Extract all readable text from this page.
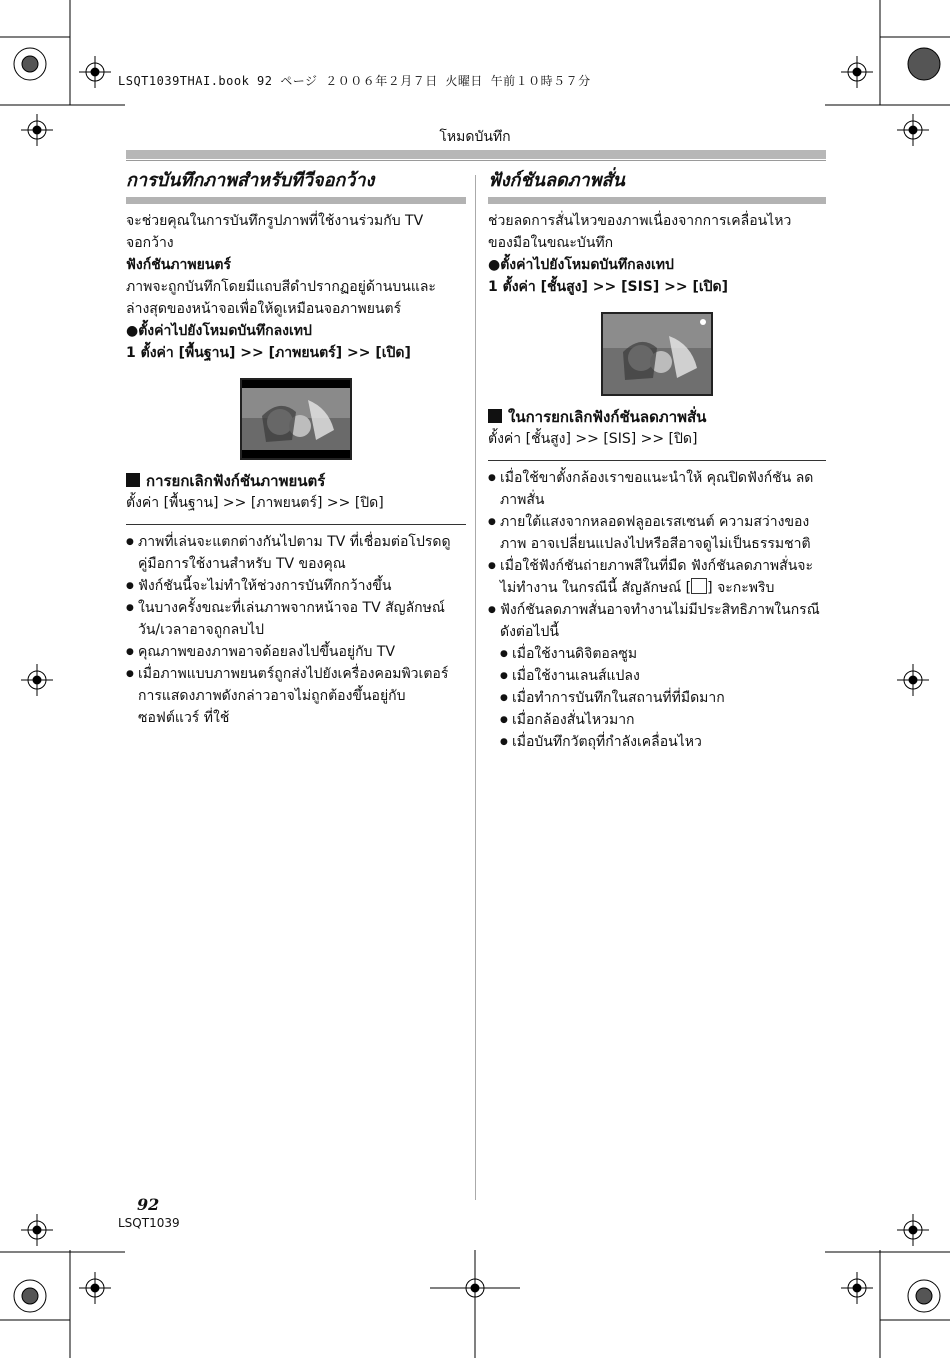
LSQT1039THAI.book 92 ページ ２００６年２月７日 火曜日 午前１０時５７分
โหมดบันทึก
การบันทึกภาพสำหรับทีวีจอกว้าง

จะช่วยคุณในการบันทึกรูปภาพที่ใช้งานร่วมกับ TV

จอกว้าง

ฟังก์ชันภาพยนตร์

ภาพจะถูกบันทึกโดยมีแถบสีดำปรากฏอยู่ด้านบนและ

ล่างสุดของหน้าจอเพื่อให้ดูเหมือนจอภาพยนตร์

●ตั้งค่าไปยังโหมดบันทึกลงเทป

1 ตั้งค่า [พื้นฐาน] >> [ภาพยนตร์] >> [เปิด]

การยกเลิกฟังก์ชันภาพยนตร์

ตั้งค่า [พื้นฐาน] >> [ภาพยนตร์] >> [ปิด]

● ภาพที่เล่นจะแตกต่างกันไปตาม TV ที่เชื่อมต่อโปรดดู คู่มือการใช้งานสำหรับ TV ของคุณ
● ฟังก์ชันนี้จะไม่ทำให้ช่วงการบันทึกกว้างขึ้น
● ในบางครั้งขณะที่เล่นภาพจากหน้าจอ TV สัญลักษณ์ วัน/เวลาอาจถูกลบไป
● คุณภาพของภาพอาจด้อยลงไปขึ้นอยู่กับ TV
● เมื่อภาพแบบภาพยนตร์ถูกส่งไปยังเครื่องคอมพิวเตอร์ การแสดงภาพดังกล่าวอาจไม่ถูกต้องขึ้นอยู่กับซอฟต์แวร์ ที่ใช้
ฟังก์ชันลดภาพสั่น

ช่วยลดการสั่นไหวของภาพเนื่องจากการเคลื่อนไหว

ของมือในขณะบันทึก

●ตั้งค่าไปยังโหมดบันทึกลงเทป

1 ตั้งค่า [ชั้นสูง] >> [SIS] >> [เปิด]

ในการยกเลิกฟังก์ชันลดภาพสั่น

ตั้งค่า [ชั้นสูง] >> [SIS] >> [ปิด]

● เมื่อใช้ขาตั้งกล้องเราขอแนะนำให้ คุณปิดฟังก์ชัน ลดภาพสั่น
● ภายใต้แสงจากหลอดฟลูออเรสเซนต์ ความสว่างของภาพ อาจเปลี่ยนแปลงไปหรือสีอาจดูไม่เป็นธรรมชาติ
● เมื่อใช้ฟังก์ชันถ่ายภาพสีในที่มืด ฟังก์ชันลดภาพสั่นจะ ไม่ทำงาน ในกรณีนี้ สัญลักษณ์ [ ] จะกะพริบ
● ฟังก์ชันลดภาพสั่นอาจทำงานไม่มีประสิทธิภาพในกรณี ดังต่อไปนี้
● เมื่อใช้งานดิจิตอลซูม
● เมื่อใช้งานเลนส์แปลง
● เมื่อทำการบันทึกในสถานที่ที่มืดมาก
● เมื่อกล้องสั่นไหวมาก
● เมื่อบันทึกวัตถุที่กำลังเคลื่อนไหว
92
LSQT1039
